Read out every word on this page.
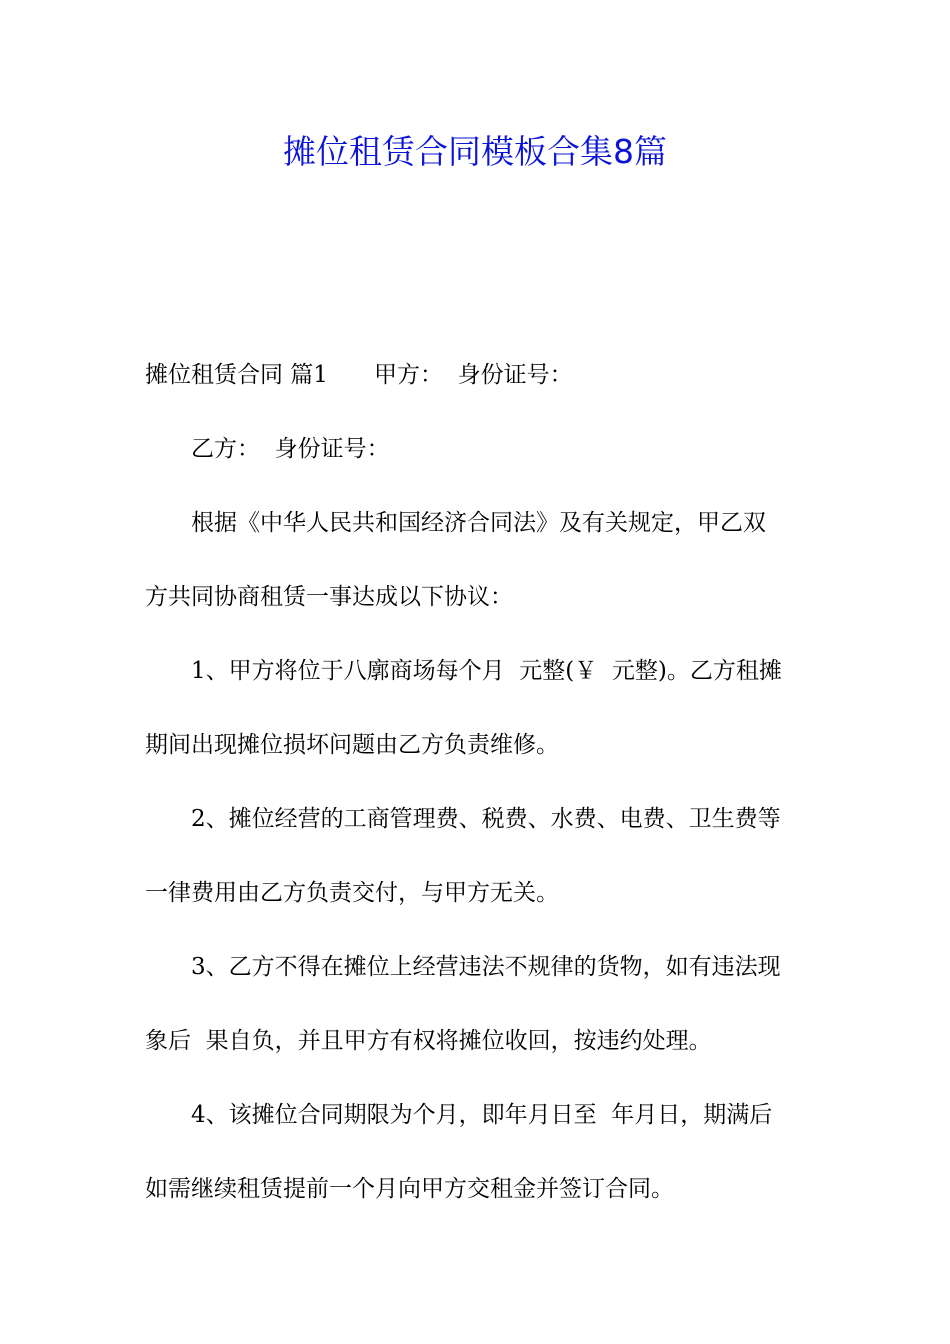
摊位租赁合同模板合集8篇
摊位租赁合同 篇1 甲方：  身份证号：
乙方：  身份证号：
根据《中华人民共和国经济合同法》及有关规定，甲乙双
方共同协商租赁一事达成以下协议：
1、甲方将位于八廓商场每个月  元整(￥  元整)。乙方租摊
期间出现摊位损坏问题由乙方负责维修。
2、摊位经营的工商管理费、税费、水费、电费、卫生费等
一律费用由乙方负责交付，与甲方无关。
3、乙方不得在摊位上经营违法不规律的货物，如有违法现
象后  果自负，并且甲方有权将摊位收回，按违约处理。
4、该摊位合同期限为个月，即年月日至  年月日，期满后
如需继续租赁提前一个月向甲方交租金并签订合同。
